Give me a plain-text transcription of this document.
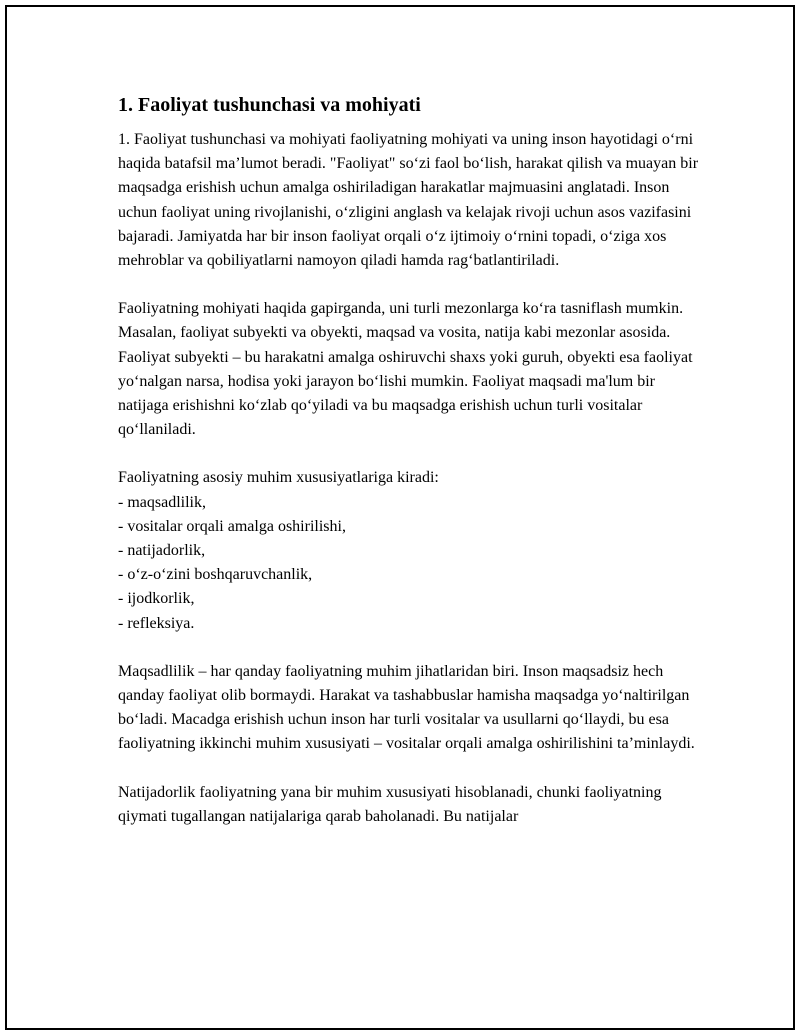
1. Faoliyat tushunchasi va mohiyati

1. Faoliyat tushunchasi va mohiyati faoliyatning mohiyati va uning inson hayotidagi o‘rni haqida batafsil ma’lumot beradi. "Faoliyat" so‘zi faol bo‘lish, harakat qilish va muayan bir maqsadga erishish uchun amalga oshiriladigan harakatlar majmuasini anglatadi. Inson uchun faoliyat uning rivojlanishi, o‘zligini anglash va kelajak rivoji uchun asos vazifasini bajaradi. Jamiyatda har bir inson faoliyat orqali o‘z ijtimoiy o‘rnini topadi, o‘ziga xos mehroblar va qobiliyatlarni namoyon qiladi hamda rag‘batlantiriladi.

Faoliyatning mohiyati haqida gapirganda, uni turli mezonlarga ko‘ra tasniflash mumkin. Masalan, faoliyat subyekti va obyekti, maqsad va vosita, natija kabi mezonlar asosida. Faoliyat subyekti – bu harakatni amalga oshiruvchi shaxs yoki guruh, obyekti esa faoliyat yo‘nalgan narsa, hodisa yoki jarayon bo‘lishi mumkin. Faoliyat maqsadi ma'lum bir natijaga erishishni ko‘zlab qo‘yiladi va bu maqsadga erishish uchun turli vositalar qo‘llaniladi.

Faoliyatning asosiy muhim xususiyatlariga kiradi:
- maqsadlilik,
- vositalar orqali amalga oshirilishi,
- natijadorlik,
- o‘z-o‘zini boshqaruvchanlik,
- ijodkorlik,
- refleksiya.

Maqsadlilik – har qanday faoliyatning muhim jihatlaridan biri. Inson maqsadsiz hech qanday faoliyat olib bormaydi. Harakat va tashabbuslar hamisha maqsadga yo‘naltirilgan bo‘ladi. Macadga erishish uchun inson har turli vositalar va usullarni qo‘llaydi, bu esa faoliyatning ikkinchi muhim xususiyati – vositalar orqali amalga oshirilishini ta’minlaydi.

Natijadorlik faoliyatning yana bir muhim xususiyati hisoblanadi, chunki faoliyatning qiymati tugallangan natijalariga qarab baholanadi. Bu natijalar
